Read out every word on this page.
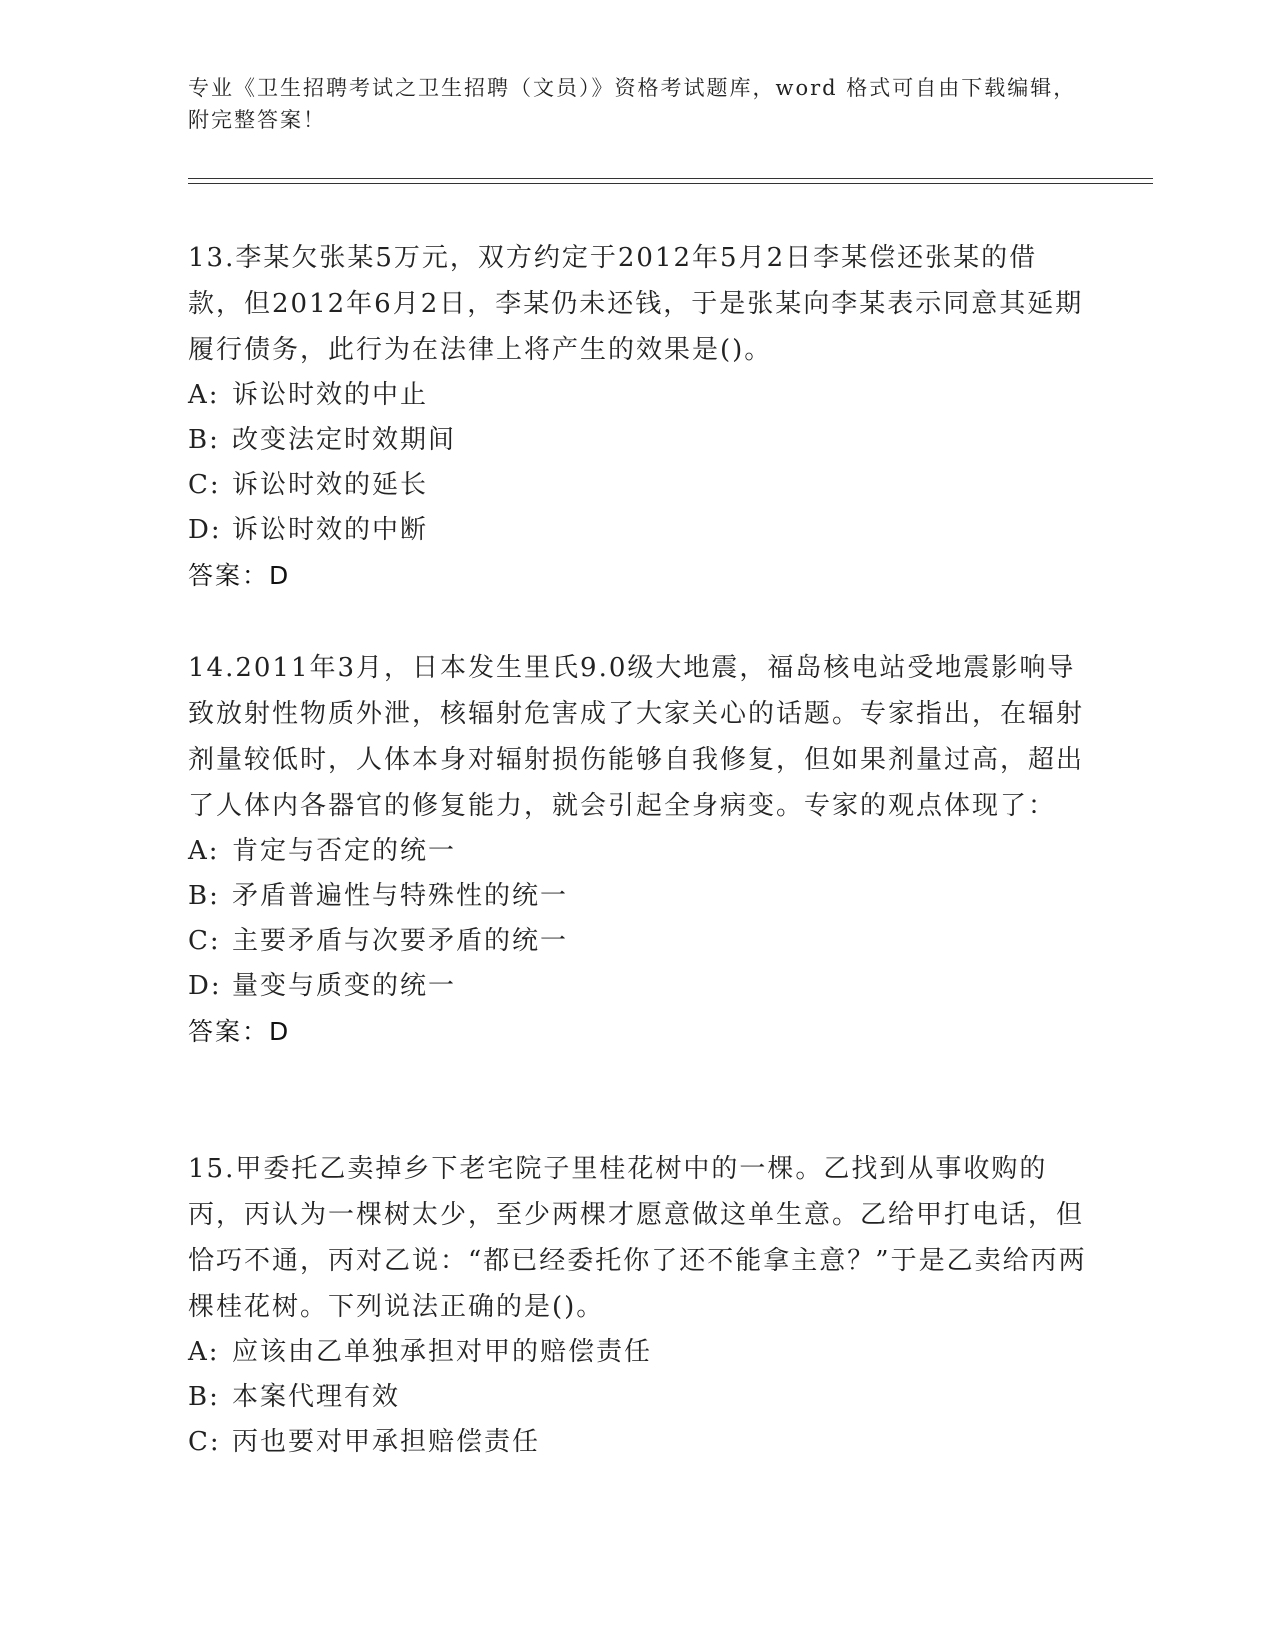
专业《卫生招聘考试之卫生招聘（文员）》资格考试题库，word 格式可自由下载编辑，附完整答案！

13.李某欠张某5万元，双方约定于2012年5月2日李某偿还张某的借款，但2012年6月2日，李某仍未还钱，于是张某向李某表示同意其延期履行债务，此行为在法律上将产生的效果是()。

A: 诉讼时效的中止

B: 改变法定时效期间

C: 诉讼时效的延长

D: 诉讼时效的中断

答案：D

14.2011年3月，日本发生里氏9.0级大地震，福岛核电站受地震影响导致放射性物质外泄，核辐射危害成了大家关心的话题。专家指出，在辐射剂量较低时，人体本身对辐射损伤能够自我修复，但如果剂量过高，超出了人体内各器官的修复能力，就会引起全身病变。专家的观点体现了：

A: 肯定与否定的统一

B: 矛盾普遍性与特殊性的统一

C: 主要矛盾与次要矛盾的统一

D: 量变与质变的统一

答案：D

15.甲委托乙卖掉乡下老宅院子里桂花树中的一棵。乙找到从事收购的丙，丙认为一棵树太少，至少两棵才愿意做这单生意。乙给甲打电话，但恰巧不通，丙对乙说：“都已经委托你了还不能拿主意？”于是乙卖给丙两棵桂花树。下列说法正确的是()。

A: 应该由乙单独承担对甲的赔偿责任

B: 本案代理有效

C: 丙也要对甲承担赔偿责任
